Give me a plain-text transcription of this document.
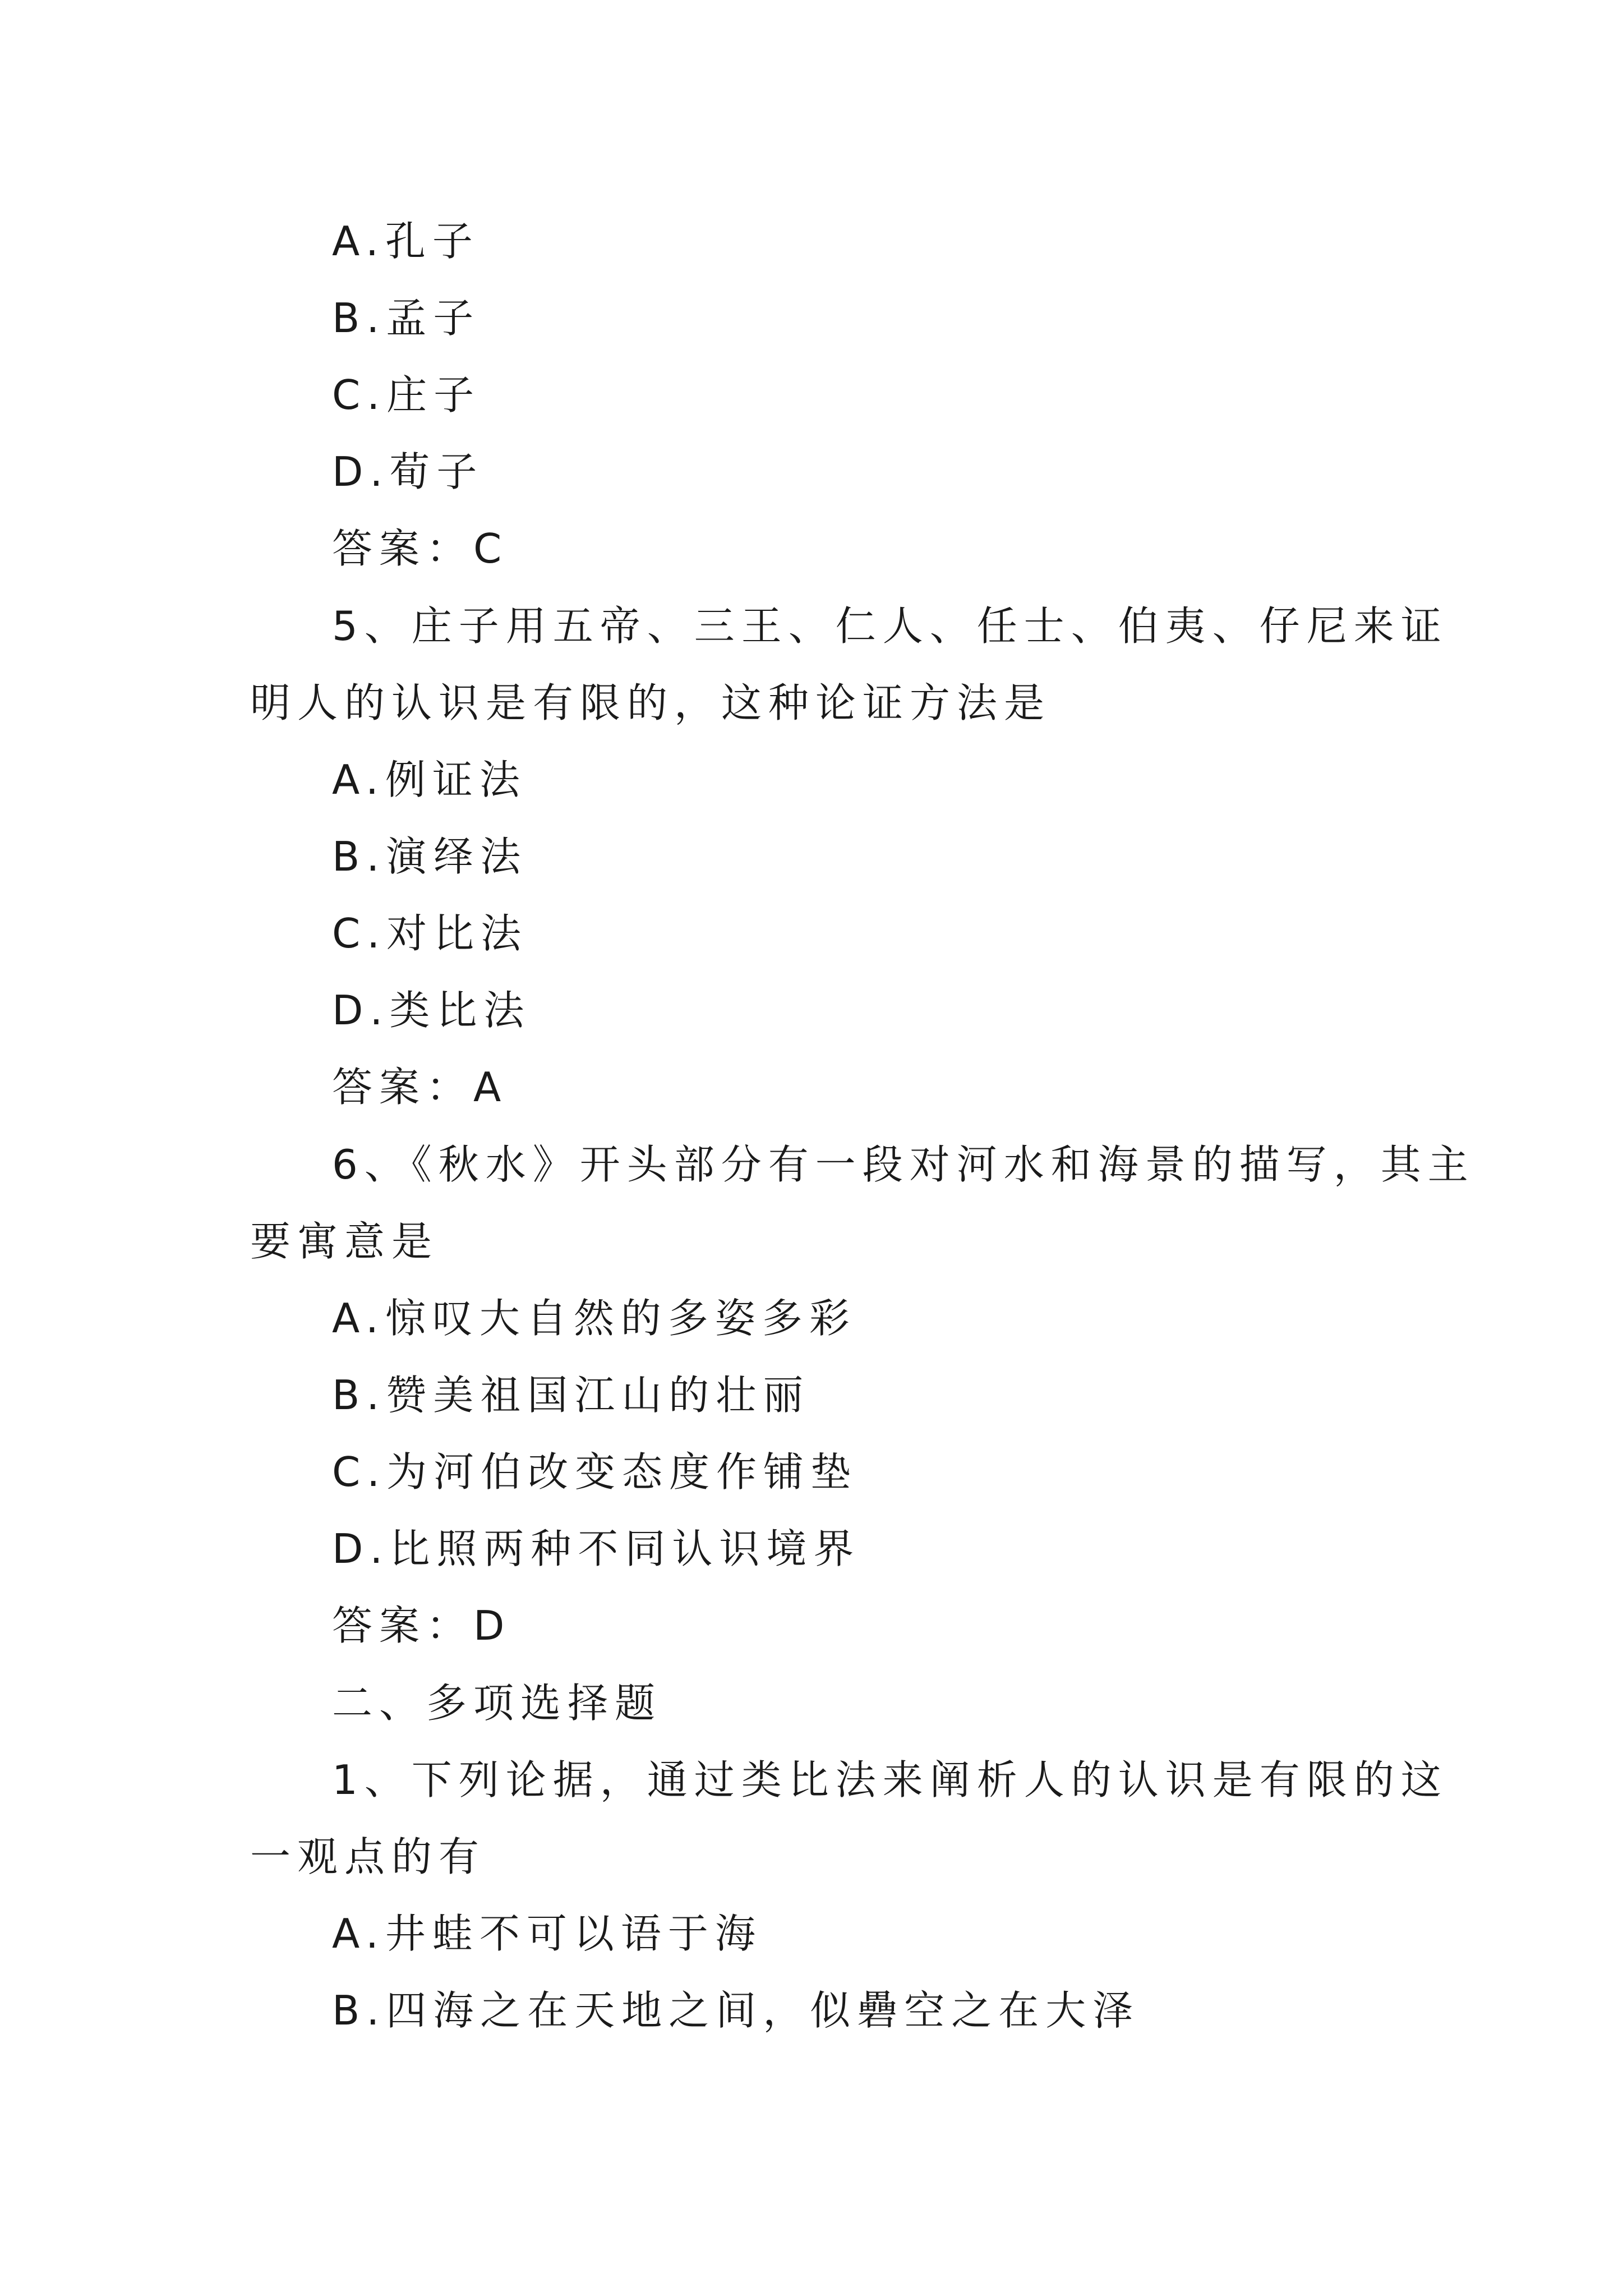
A.孔子

B.孟子

C.庄子

D.荀子

答案：C

5、庄子用五帝、三王、仁人、任士、伯夷、仔尼来证

明人的认识是有限的，这种论证方法是

A.例证法

B.演绎法

C.对比法

D.类比法

答案：A

6、《秋水》开头部分有一段对河水和海景的描写，其主

要寓意是

A.惊叹大自然的多姿多彩

B.赞美祖国江山的壮丽

C.为河伯改变态度作铺垫

D.比照两种不同认识境界

答案：D

二、多项选择题

1、下列论据，通过类比法来阐析人的认识是有限的这

一观点的有

A.井蛙不可以语于海

B.四海之在天地之间，似礨空之在大泽
